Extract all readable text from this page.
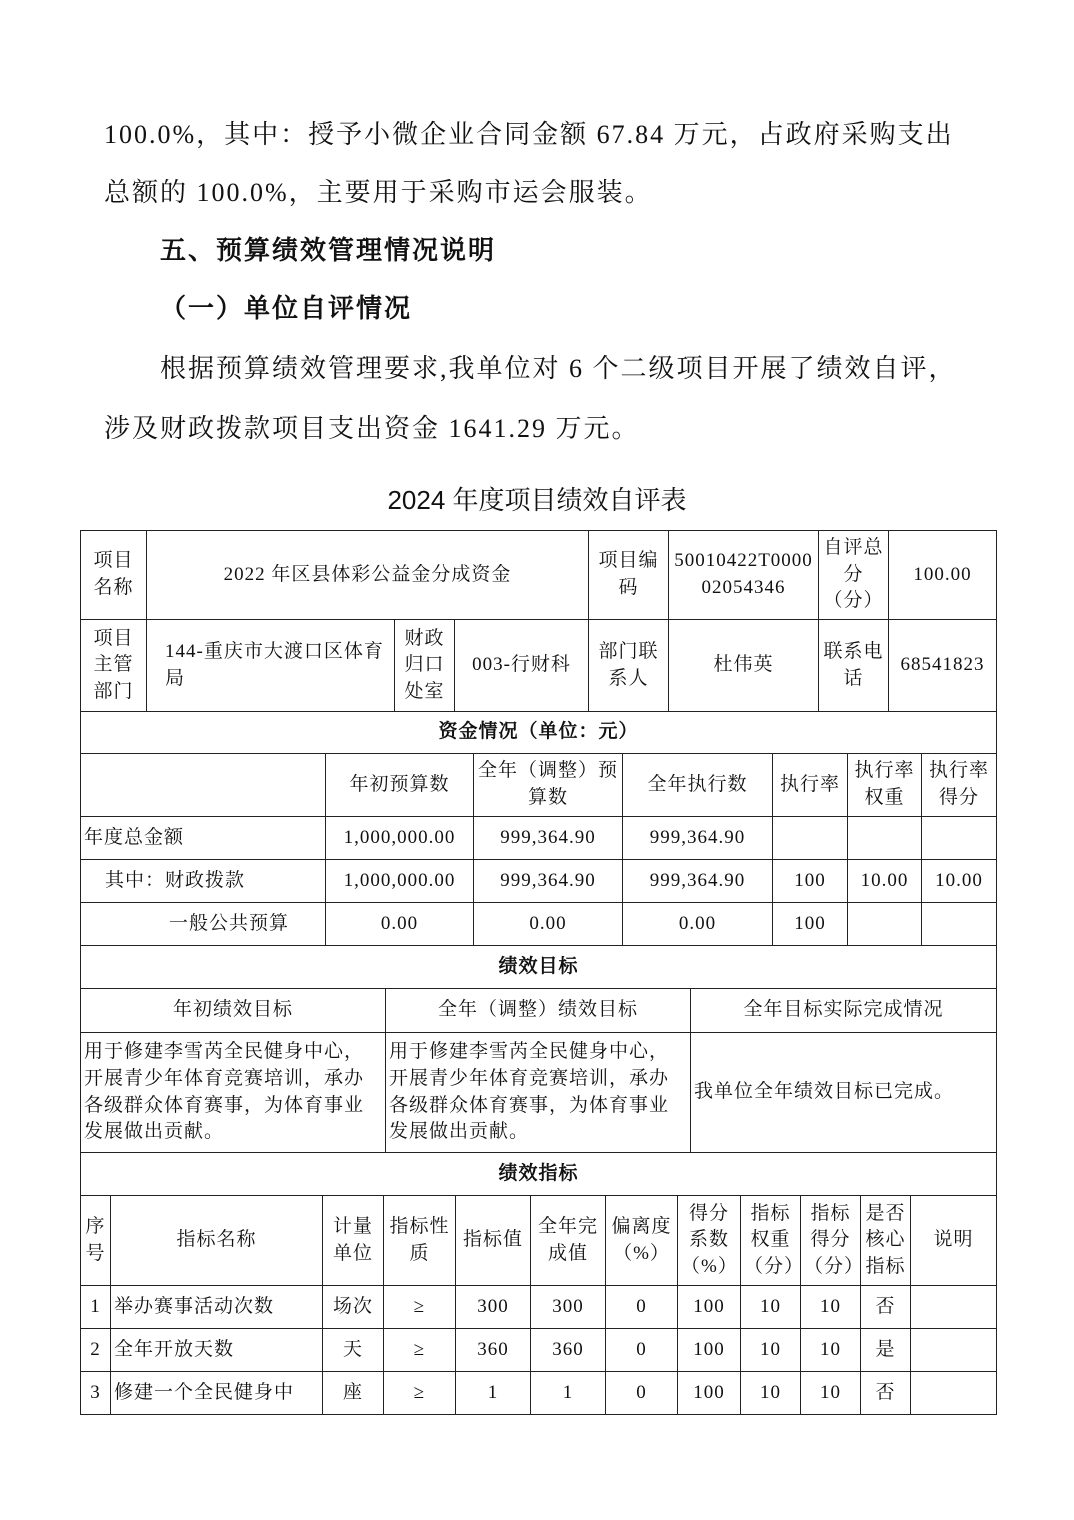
100.0%，其中：授予小微企业合同金额 67.84 万元，占政府采购支出
总额的 100.0%，主要用于采购市运会服装。
五、预算绩效管理情况说明
（一）单位自评情况
根据预算绩效管理要求,我单位对 6 个二级项目开展了绩效自评，
涉及财政拨款项目支出资金 1641.29 万元。
2024 年度项目绩效自评表
项目名称	2022 年区县体彩公益金分成资金			项目编码	50010422T000002054346	自评总分（分）	100.00
项目主管部门	144-重庆市大渡口区体育局	财政归口处室	003-行财科	部门联系人	杜伟英	联系电话	68541823
资金情况（单位：元）						
	年初预算数	全年（调整）预算数	全年执行数	执行率	执行率权重	执行率得分
年度总金额	1,000,000.00	999,364.90	999,364.90			
其中：财政拨款	1,000,000.00	999,364.90	999,364.90	100	10.00	10.00
一般公共预算	0.00	0.00	0.00	100		
绩效目标		
年初绩效目标	全年（调整）绩效目标	全年目标实际完成情况
用于修建李雪芮全民健身中心，开展青少年体育竞赛培训，承办各级群众体育赛事，为体育事业发展做出贡献。	用于修建李雪芮全民健身中心，开展青少年体育竞赛培训，承办各级群众体育赛事，为体育事业发展做出贡献。	我单位全年绩效目标已完成。
绩效指标											
序号	指标名称	计量单位	指标性质	指标值	全年完成值	偏离度（%）	得分系数（%）	指标权重（分）	指标得分（分）	是否核心指标	说明
1	举办赛事活动次数	场次	≥	300	300	0	100	10	10	否	
2	全年开放天数	天	≥	360	360	0	100	10	10	是	
3	修建一个全民健身中	座	≥	1	1	0	100	10	10	否	
